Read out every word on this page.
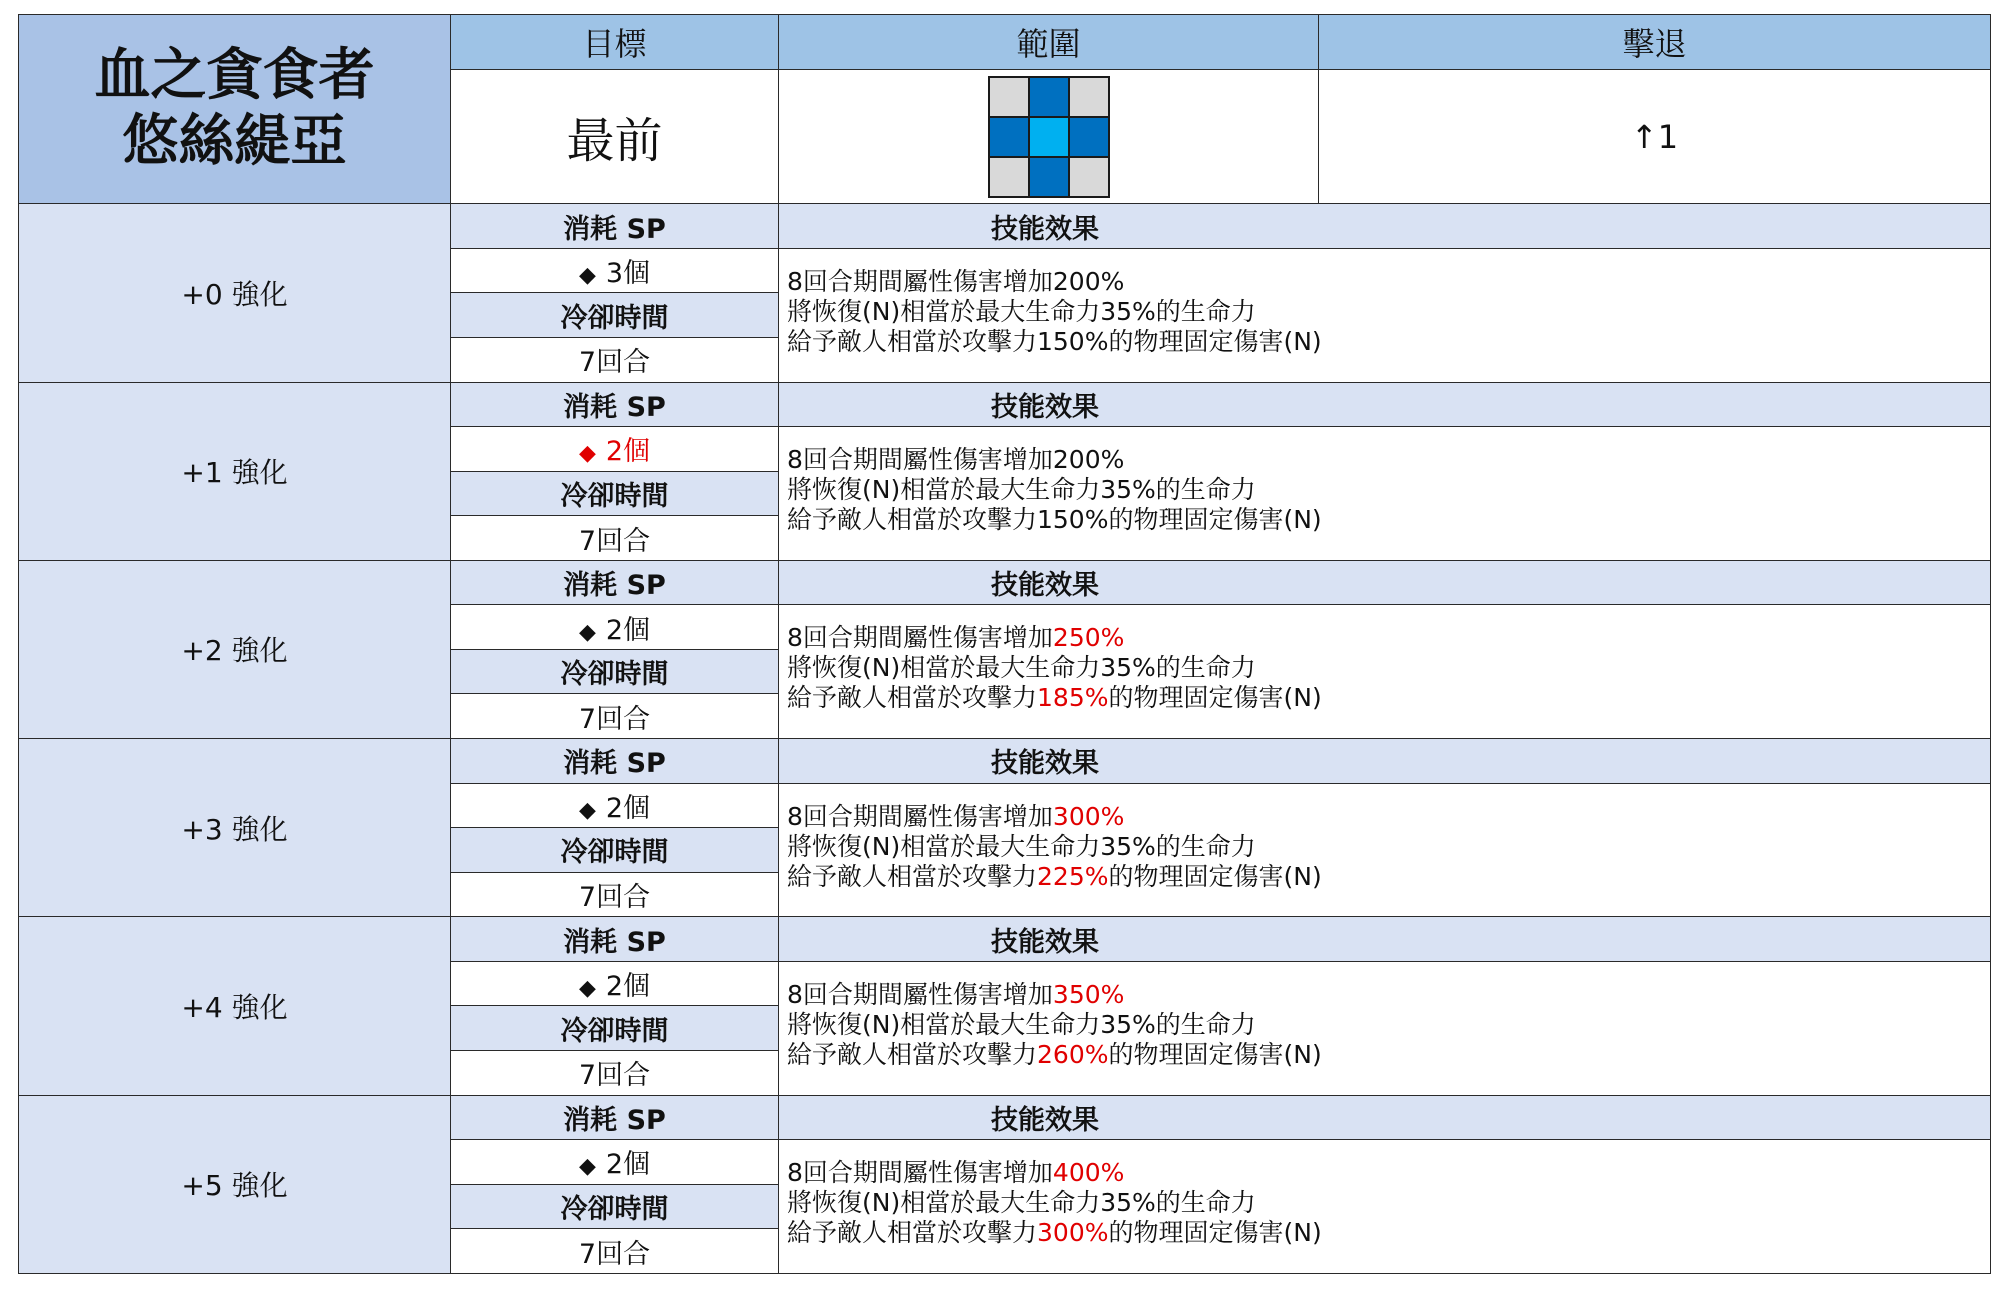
血之貪食者
悠絲緹亞	目標	範圍	擊退
	最前		↑1
+0 強化	消耗 SP	技能效果	
	◆ 3個	8回合期間屬性傷害增加200%
將恢復(N)相當於最大生命力35%的生命力
給予敵人相當於攻擊力150%的物理固定傷害(N)	

	冷卻時間		
	7回合		
+1 強化	消耗 SP	技能效果	
	◆ 2個	8回合期間屬性傷害增加200%
將恢復(N)相當於最大生命力35%的生命力
給予敵人相當於攻擊力150%的物理固定傷害(N)	

	冷卻時間		
	7回合		
+2 強化	消耗 SP	技能效果	
	◆ 2個	8回合期間屬性傷害增加250%
將恢復(N)相當於最大生命力35%的生命力
給予敵人相當於攻擊力185%的物理固定傷害(N)	

	冷卻時間		
	7回合		
+3 強化	消耗 SP	技能效果	
	◆ 2個	8回合期間屬性傷害增加300%
將恢復(N)相當於最大生命力35%的生命力
給予敵人相當於攻擊力225%的物理固定傷害(N)	

	冷卻時間		
	7回合		
+4 強化	消耗 SP	技能效果	
	◆ 2個	8回合期間屬性傷害增加350%
將恢復(N)相當於最大生命力35%的生命力
給予敵人相當於攻擊力260%的物理固定傷害(N)	

	冷卻時間		
	7回合		
+5 強化	消耗 SP	技能效果	
	◆ 2個	8回合期間屬性傷害增加400%
將恢復(N)相當於最大生命力35%的生命力
給予敵人相當於攻擊力300%的物理固定傷害(N)	

	冷卻時間		
	7回合		
